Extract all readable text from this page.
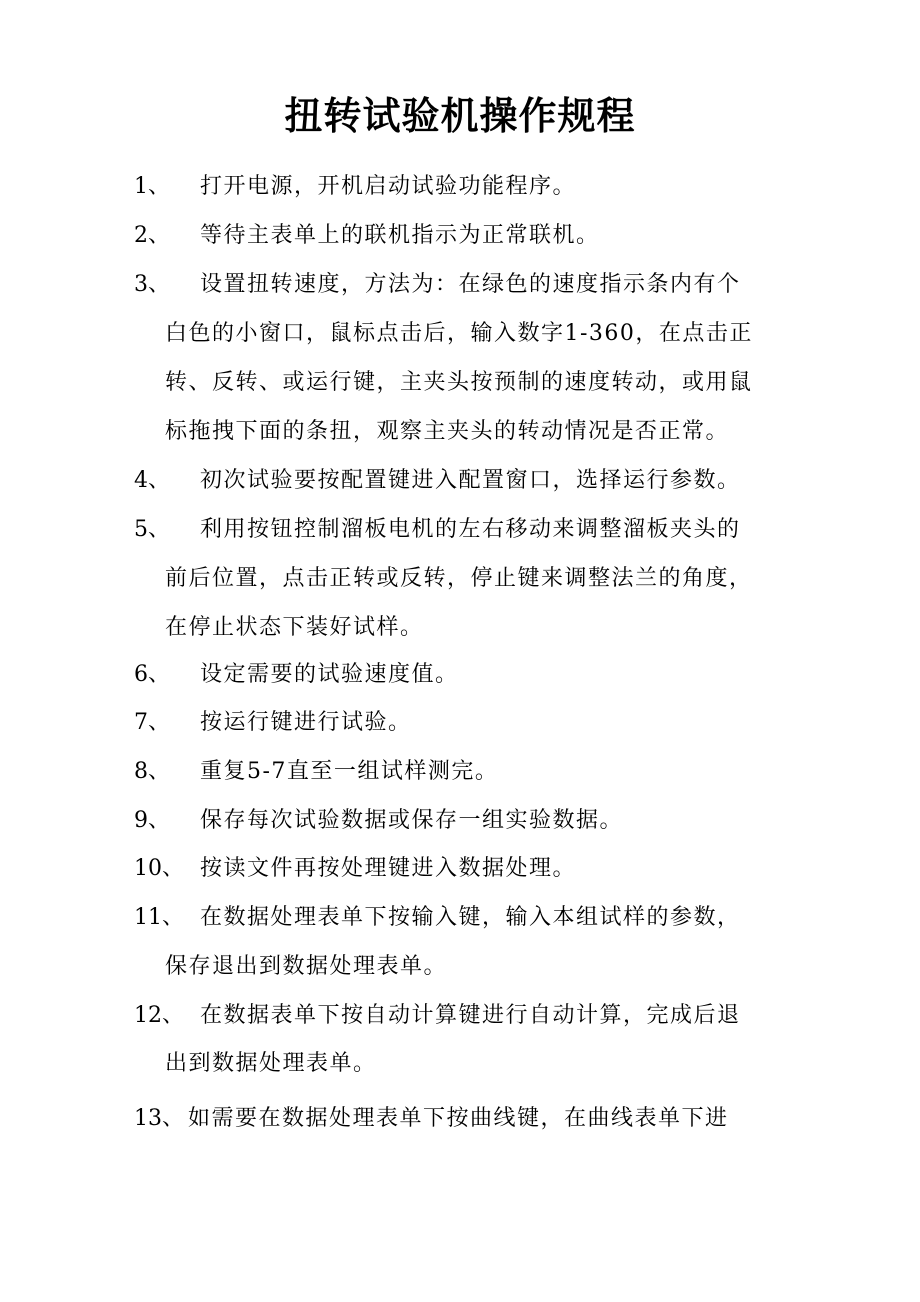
扭转试验机操作规程
1、 打开电源，开机启动试验功能程序。
2、 等待主表单上的联机指示为正常联机。
3、 设置扭转速度，方法为：在绿色的速度指示条内有个
白色的小窗口，鼠标点击后，输入数字1-360，在点击正
转、反转、或运行键，主夹头按预制的速度转动，或用鼠
标拖拽下面的条扭，观察主夹头的转动情况是否正常。
4、 初次试验要按配置键进入配置窗口，选择运行参数。
5、 利用按钮控制溜板电机的左右移动来调整溜板夹头的
前后位置，点击正转或反转，停止键来调整法兰的角度，
在停止状态下装好试样。
6、 设定需要的试验速度值。
7、 按运行键进行试验。
8、 重复5-7直至一组试样测完。
9、 保存每次试验数据或保存一组实验数据。
10、 按读文件再按处理键进入数据处理。
11、 在数据处理表单下按输入键，输入本组试样的参数，
保存退出到数据处理表单。
12、 在数据表单下按自动计算键进行自动计算，完成后退
出到数据处理表单。
13、 如需要在数据处理表单下按曲线键，在曲线表单下进
